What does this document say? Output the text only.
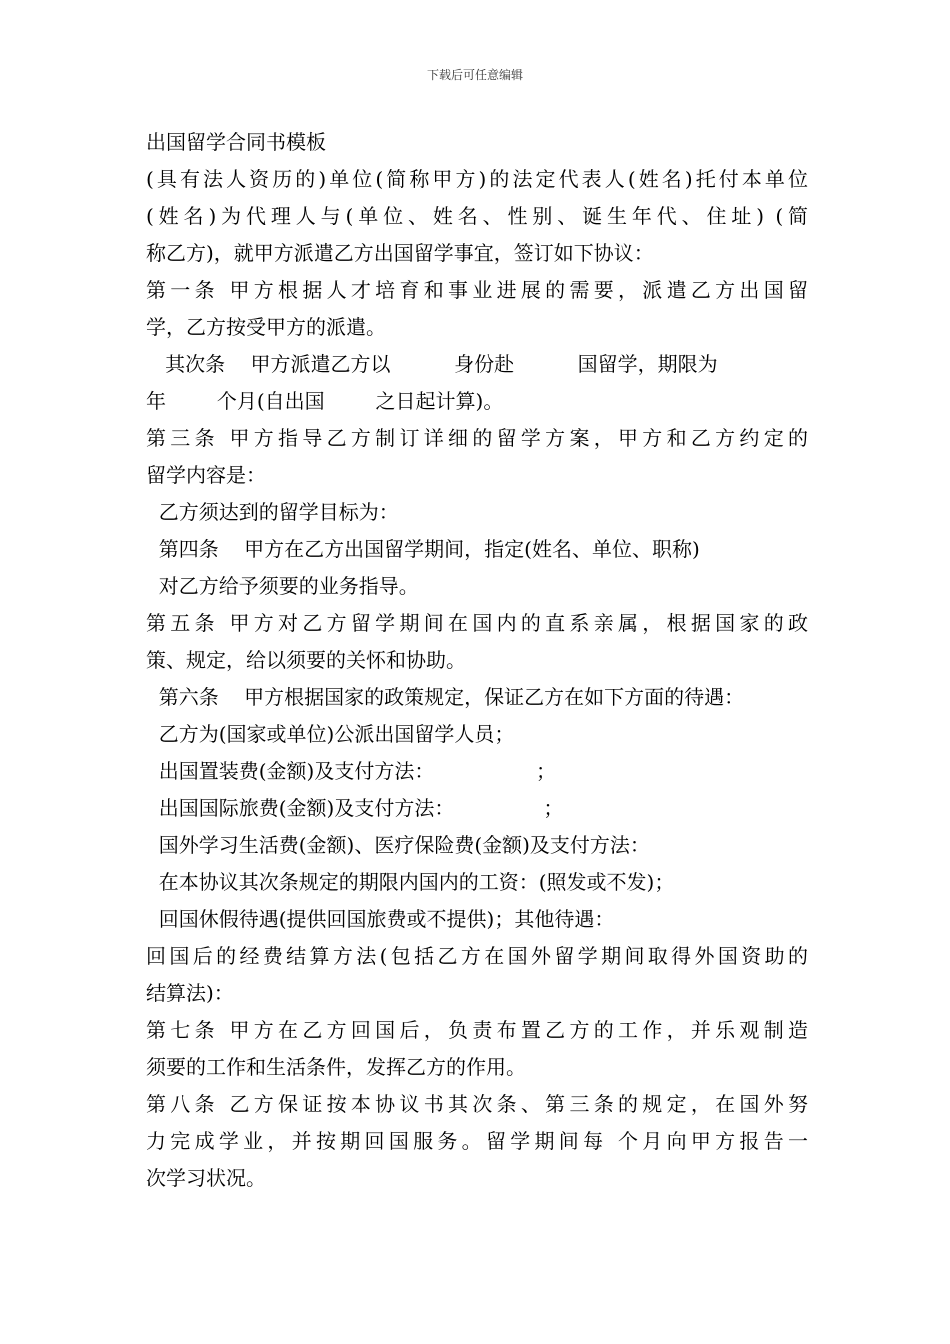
下载后可任意编辑
出国留学合同书模板
(具有法人资历的)单位(简称甲方)的法定代表人(姓名)托付本单位
(姓名)为代理人与(单位、姓名、性别、诞生年代、住址) (简
称乙方)，就甲方派遣乙方出国留学事宜，签订如下协议：
第一条 甲方根据人才培育和事业进展的需要，派遣乙方出国留
学，乙方按受甲方的派遣。
其次条    甲方派遣乙方以          身份赴          国留学，期限为
年        个月(自出国        之日起计算)。
第三条 甲方指导乙方制订详细的留学方案，甲方和乙方约定的
留学内容是：
乙方须达到的留学目标为：
第四条    甲方在乙方出国留学期间，指定(姓名、单位、职称)
对乙方给予须要的业务指导。
第五条 甲方对乙方留学期间在国内的直系亲属，根据国家的政
策、规定，给以须要的关怀和协助。
第六条    甲方根据国家的政策规定，保证乙方在如下方面的待遇：
乙方为(国家或单位)公派出国留学人员；
出国置装费(金额)及支付方法：                ；
出国国际旅费(金额)及支付方法：              ；
国外学习生活费(金额)、医疗保险费(金额)及支付方法：
在本协议其次条规定的期限内国内的工资：(照发或不发)；
回国休假待遇(提供回国旅费或不提供)；其他待遇：
回国后的经费结算方法(包括乙方在国外留学期间取得外国资助的
结算法)：
第七条 甲方在乙方回国后，负责布置乙方的工作，并乐观制造
须要的工作和生活条件，发挥乙方的作用。
第八条 乙方保证按本协议书其次条、第三条的规定，在国外努
力完成学业，并按期回国服务。留学期间每 个月向甲方报告一
次学习状况。
